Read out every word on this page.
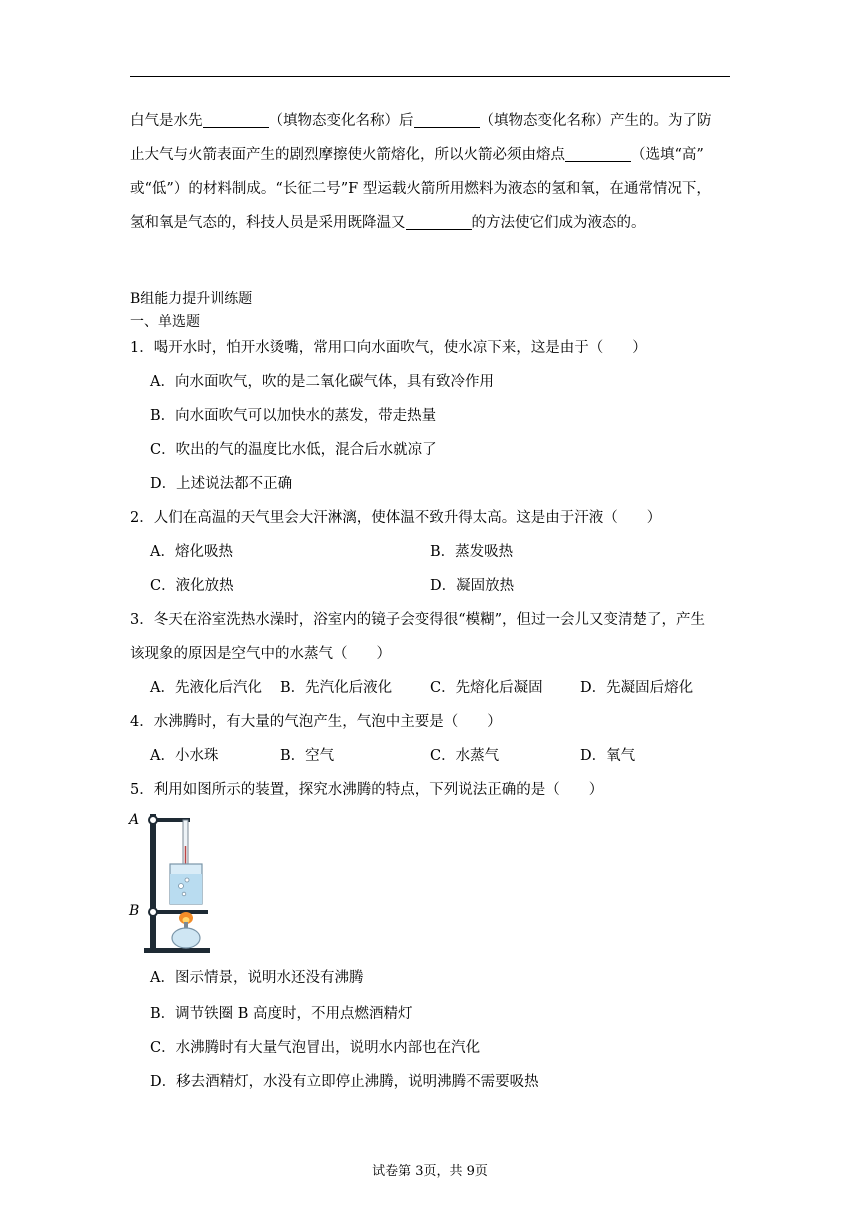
白气是水先	（填物态变化名称）后	（填物态变化名称）产生的。为了防
止大气与火箭表面产生的剧烈摩擦使火箭熔化，所以火箭必须由熔点	（选填“高”
或“低”）的材料制成。“长征二号”F 型运载火箭所用燃料为液态的氢和氧，在通常情况下，
氢和氧是气态的，科技人员是采用既降温又	的方法使它们成为液态的。
B组能力提升训练题
一、单选题
1．喝开水时，怕开水烫嘴，常用口向水面吹气，使水凉下来，这是由于（　　）
A．向水面吹气，吹的是二氧化碳气体，具有致冷作用
B．向水面吹气可以加快水的蒸发，带走热量
C．吹出的气的温度比水低，混合后水就凉了
D．上述说法都不正确
2．人们在高温的天气里会大汗淋漓，使体温不致升得太高。这是由于汗液（　　）
A．熔化吸热	B．蒸发吸热
C．液化放热	D．凝固放热
3．冬天在浴室洗热水澡时，浴室内的镜子会变得很“模糊”，但过一会儿又变清楚了，产生
该现象的原因是空气中的水蒸气（　　）
A．先液化后汽化 B．先汽化后液化	C．先熔化后凝固	D．先凝固后熔化
4．水沸腾时，有大量的气泡产生，气泡中主要是（　　）
A．小水珠	B．空气	C．水蒸气	D．氧气
5．利用如图所示的装置，探究水沸腾的特点，下列说法正确的是（　　）
A
B
A．图示情景，说明水还没有沸腾
B．调节铁圈 B 高度时，不用点燃酒精灯
C．水沸腾时有大量气泡冒出，说明水内部也在汽化
D．移去酒精灯，水没有立即停止沸腾，说明沸腾不需要吸热
试卷第 3页，共 9页
